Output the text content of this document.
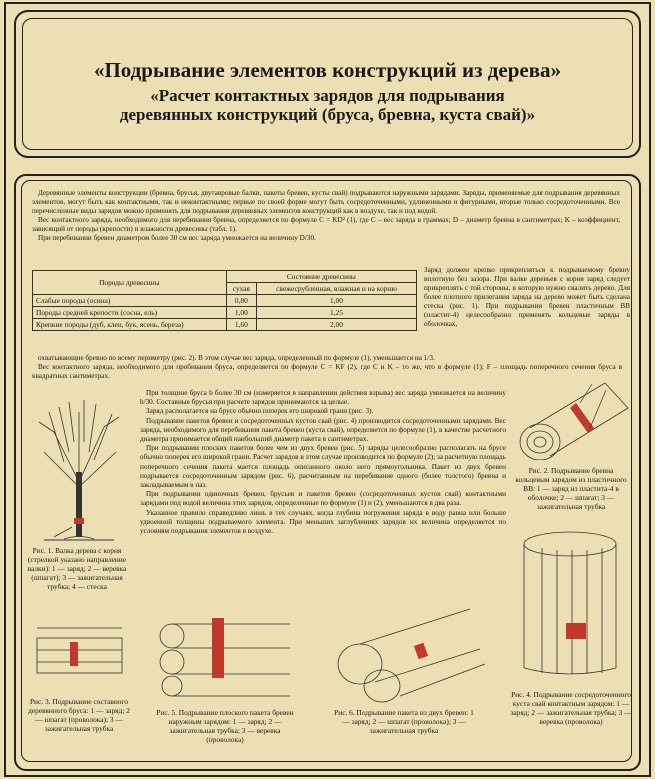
«Подрывание элементов конструкций из дерева»
«Расчет контактных зарядов для подрывания
деревянных конструкций (бруса, бревна, куста свай)»

Деревянные элементы конструкции (бревна, брусья, двутавровые балки, пакеты бревен, кусты свай) подрываются наружными зарядами. Заряды, применяемые для подрывания деревянных элементов, могут быть как контактными, так и неконтактными; первые по своей форме могут быть сосредоточенными, удлиненными и фигурными, вторые только сосредоточенными. Все перечисленные виды зарядов можно применять для подрывания деревянных элементов конструкций как в воздухе, так и под водой.

Вес контактного заряда, необходимого для перебивания бревна, определяется по формуле C = KD² (1), где C – вес заряда в граммах; D – диаметр бревна в сантиметрах; K – коэффициент, зависящий от породы (крепости) и влажности древесины (табл. 1).

При перебивании бревен диаметром более 30 см вес заряда умножается на величину D/30.

Породы древесины	Состояние древесины	
	сухая	свежесрубленная, влажная и на корню
Слабые породы (осина)	0,80	1,00
Породы средней крепости (сосна, ель)	1,00	1,25
Крепкие породы (дуб, клен, бук, ясень, береза)	1,60	2,00
Заряд должен крепко прикрепляться к подрываемому бревну вплотную без зазора. При валке деревьев с корня заряд следует прикреплять с той стороны, в которую нужно свалить дерево. Для более плотного прилегания заряда на дерево может быть сделана стеска (рис. 1). При подрывании бревен пластичным ВВ (пластит-4) целесообразно применять кольцевые заряды в оболочках,

охватывающие бревно по всему периметру (рис. 2). В этом случае вес заряда, определенный по формуле (1), уменьшается на 1/3.

Вес контактного заряда, необходимого для пробивания бруса, определяется по формуле C = KF (2), где C и K – то же, что в формуле (1); F – площадь поперечного сечения бруса в квадратных сантиметрах.

При толщине бруса b более 30 см (измеряется в направлении действия взрыва) вес заряда умножается на величину b/30. Составные брусья при расчете зарядов принимаются за целые.

Заряд располагается на брусе обычно поперек его широкой грани (рис. 3).

Подрывание пакетов бревен и сосредоточенных кустов свай (рис. 4) производится сосредоточенными зарядами. Вес заряда, необходимого для перебивания пакета бревен (куста свай), определяется по формуле (1), в качестве расчетного диаметра принимается общий наибольший диаметр пакета в сантиметрах.

При подрывании плоских пакетов более чем из двух бревен (рис. 5) заряды целесообразно располагать на брусе обычно поперек его широкой грани. Расчет зарядов в этом случае производится по формуле (2); за расчетную площадь поперечного сечения пакета мается площадь описанного около него прямоугольника. Пакет из двух бревен подрывается сосредоточенным зарядом (рис. 6), расчитанным на перебивание одного (более толстого) бревна и закладываемым в паз.

При подрывании одиночных бревен, брусьев и пакетов бревен (сосредоточенных кустов свай) контактными зарядами под водой величина этих зарядов, определенные по формуле (1) и (2), уменьшаются в два раза.

Указанное правило справедливо лишь в тех случаях, когда глубина погружения заряда в воду равна или больше удвоенной толщины подрываемого элемента. При меньших заглублениях зарядов их величина определяется по условиям подрывания элементов в воздухе.

Рис. 1. Валка дерева с корня (стрелкой указано направление валки): 1 — заряд; 2 — веревка (шпагат); 3 — зажигательная трубка; 4 — стеска
Рис. 2. Подрывание бревна кольцевым зарядом из пластичного ВВ: 1 — заряд из пластита-4 в оболочке; 2 — шпагат; 3 — зажигательная трубка
Рис. 3. Подрывание составного деревянного бруса: 1 — заряд; 2 — шпагат (проволока); 3 — зажигательная трубка
Рис. 5. Подрывание плоского пакета бревен наружным зарядом: 1 — заряд; 2 — зажигательная трубка; 3 — веревка (проволока)
Рис. 6. Подрывание пакета из двух бревен: 1 — заряд; 2 — шпагат (проволока); 3 — зажигательная трубка
Рис. 4. Подрывание сосредоточенного куста свай контактным зарядом: 1 — заряд; 2 — зажигательная трубка; 3 — веревка (проволока)
